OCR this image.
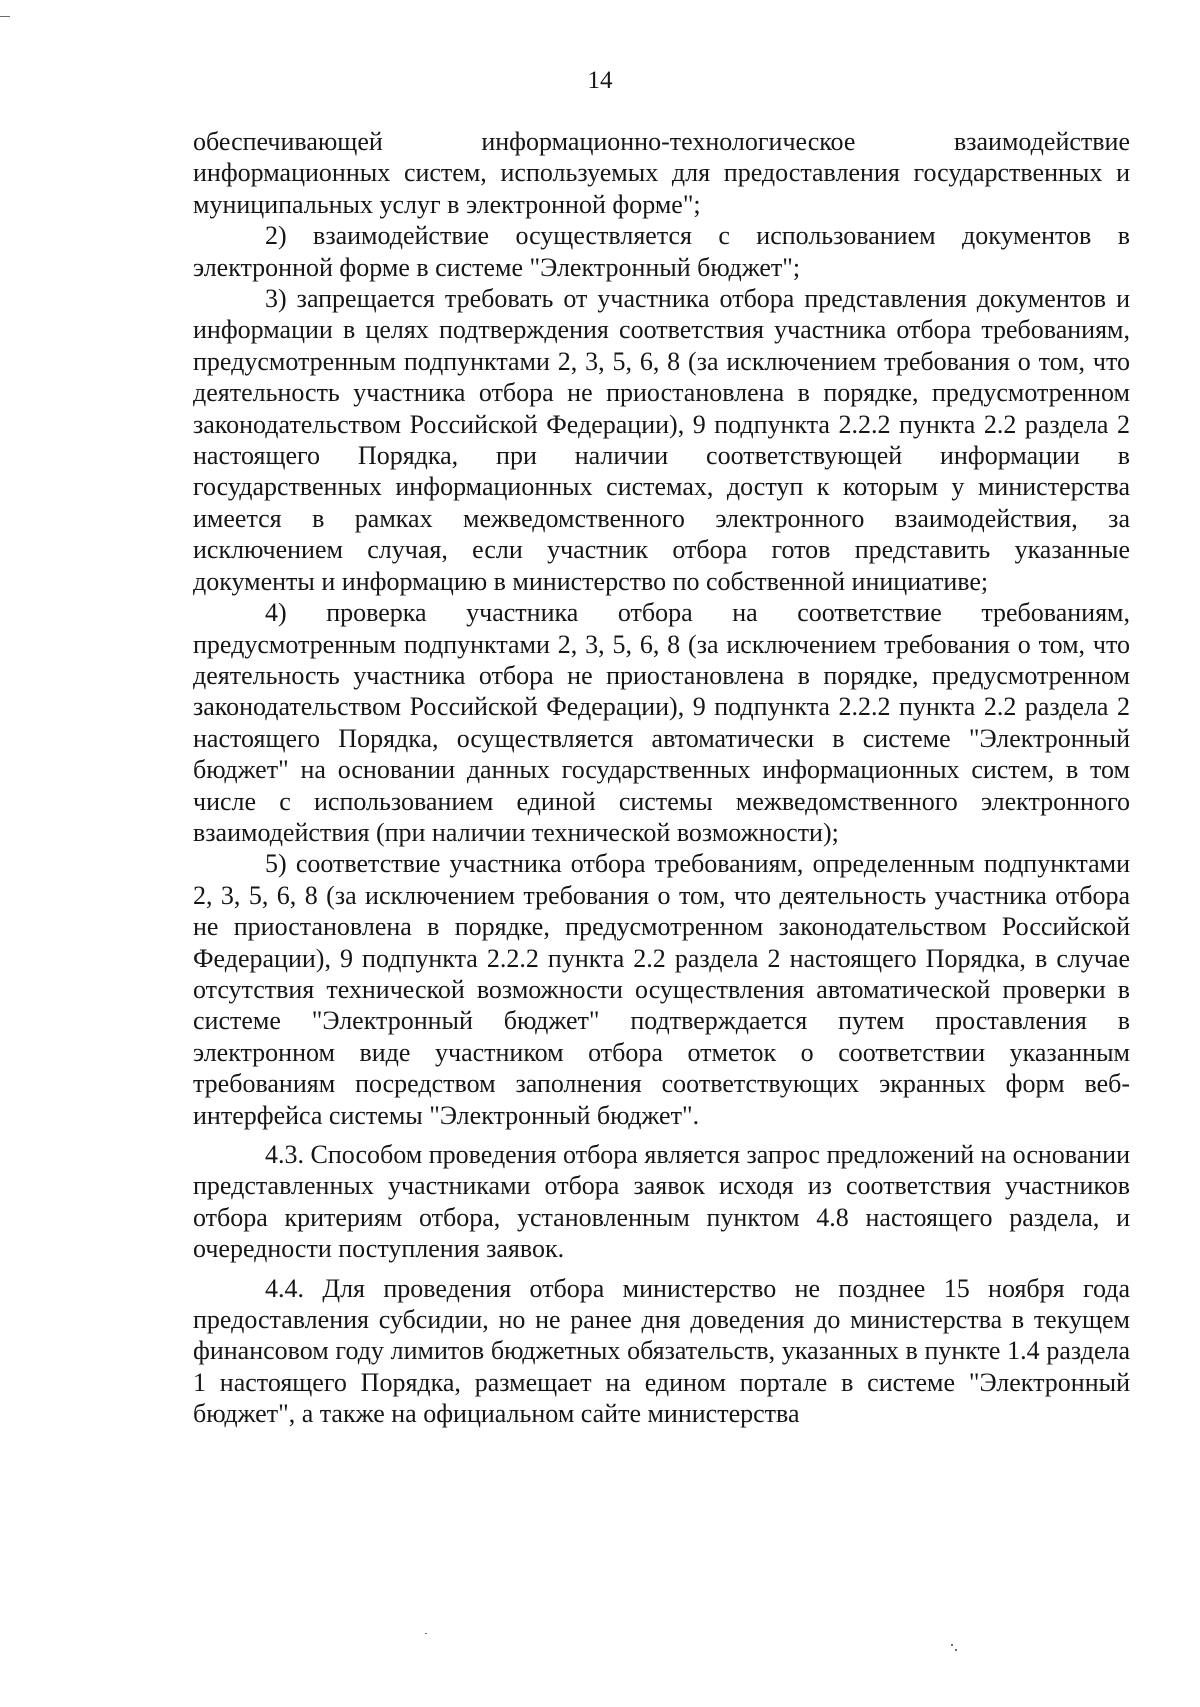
14

обеспечивающей информационно-технологическое взаимодействие информационных систем, используемых для предоставления государственных и муниципальных услуг в электронной форме";

2) взаимодействие осуществляется с использованием документов в электронной форме в системе "Электронный бюджет";

3) запрещается требовать от участника отбора представления документов и информации в целях подтверждения соответствия участника отбора требованиям, предусмотренным подпунктами 2, 3, 5, 6, 8 (за исключением требования о том, что деятельность участника отбора не приостановлена в порядке, предусмотренном законодательством Российской Федерации), 9 подпункта 2.2.2 пункта 2.2 раздела 2 настоящего Порядка, при наличии соответствующей информации в государственных информационных системах, доступ к которым у министерства имеется в рамках межведомственного электронного взаимодействия, за исключением случая, если участник отбора готов представить указанные документы и информацию в министерство по собственной инициативе;

4) проверка участника отбора на соответствие требованиям, предусмотренным подпунктами 2, 3, 5, 6, 8 (за исключением требования о том, что деятельность участника отбора не приостановлена в порядке, предусмотренном законодательством Российской Федерации), 9 подпункта 2.2.2 пункта 2.2 раздела 2 настоящего Порядка, осуществляется автоматически в системе "Электронный бюджет" на основании данных государственных информационных систем, в том числе с использованием единой системы межведомственного электронного взаимодействия (при наличии технической возможности);

5) соответствие участника отбора требованиям, определенным подпунктами 2, 3, 5, 6, 8 (за исключением требования о том, что деятельность участника отбора не приостановлена в порядке, предусмотренном законодательством Российской Федерации), 9 подпункта 2.2.2 пункта 2.2 раздела 2 настоящего Порядка, в случае отсутствия технической возможности осуществления автоматической проверки в системе "Электронный бюджет" подтверждается путем проставления в электронном виде участником отбора отметок о соответствии указанным требованиям посредством заполнения соответствующих экранных форм веб-интерфейса системы "Электронный бюджет".

4.3. Способом проведения отбора является запрос предложений на основании представленных участниками отбора заявок исходя из соответствия участников отбора критериям отбора, установленным пунктом 4.8 настоящего раздела, и очередности поступления заявок.

4.4. Для проведения отбора министерство не позднее 15 ноября года предоставления субсидии, но не ранее дня доведения до министерства в текущем финансовом году лимитов бюджетных обязательств, указанных в пункте 1.4 раздела 1 настоящего Порядка, размещает на едином портале в системе "Электронный бюджет", а также на официальном сайте министерства
